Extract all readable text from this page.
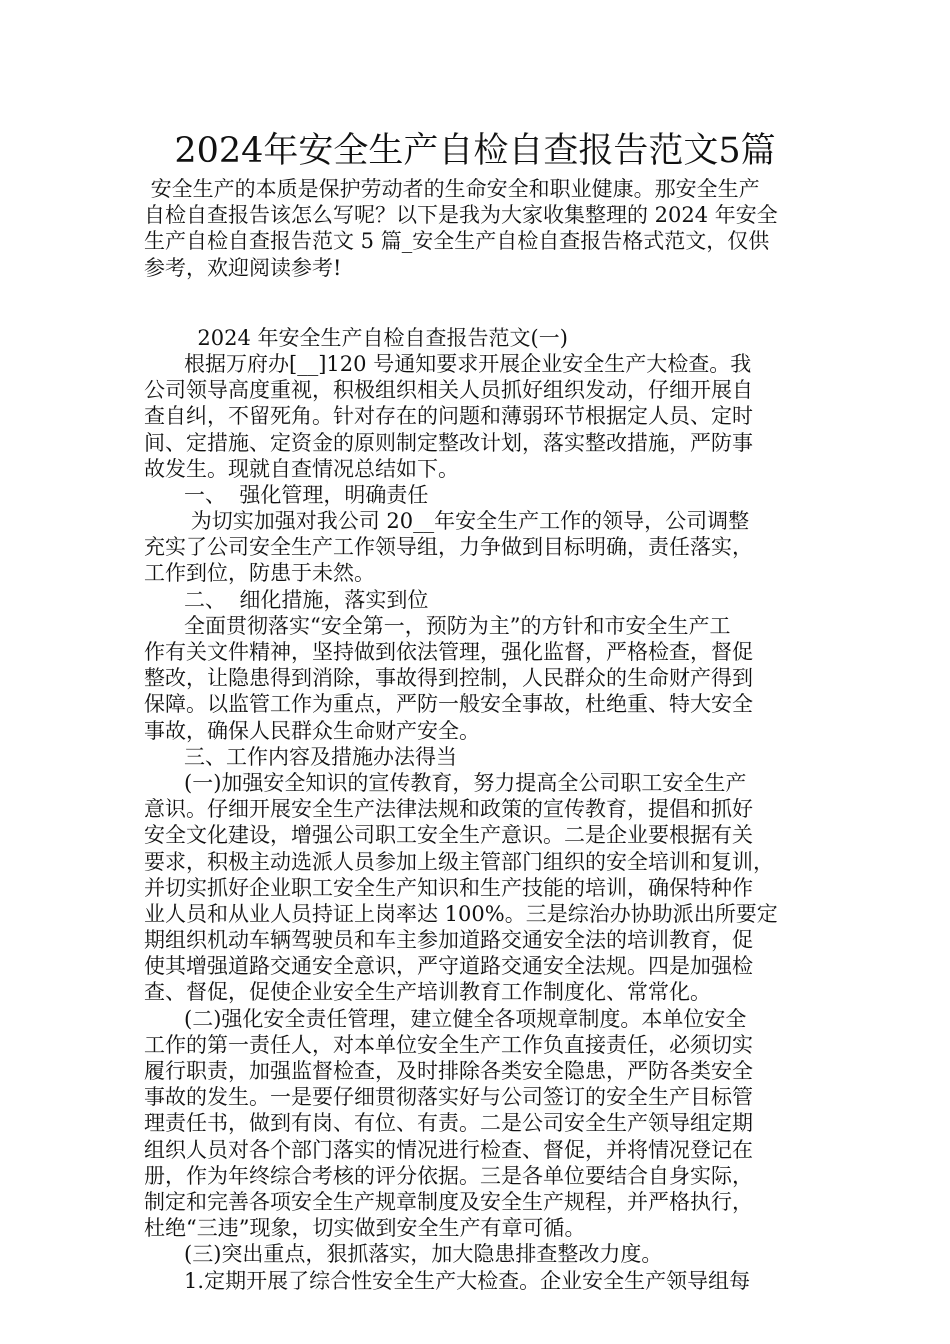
2024年安全生产自检自查报告范文5篇
安全生产的本质是保护劳动者的生命安全和职业健康。那安全生产
自检自查报告该怎么写呢？以下是我为大家收集整理的 2024 年安全
生产自检自查报告范文 5 篇_安全生产自检自查报告格式范文，仅供
参考，欢迎阅读参考!
2024 年安全生产自检自查报告范文(一)
根据万府办[__]120 号通知要求开展企业安全生产大检查。我
公司领导高度重视，积极组织相关人员抓好组织发动，仔细开展自
查自纠，不留死角。针对存在的问题和薄弱环节根据定人员、定时
间、定措施、定资金的原则制定整改计划，落实整改措施，严防事
故发生。现就自查情况总结如下。
一、  强化管理，明确责任
为切实加强对我公司 20__年安全生产工作的领导，公司调整
充实了公司安全生产工作领导组，力争做到目标明确，责任落实，
工作到位，防患于未然。
二、  细化措施，落实到位
全面贯彻落实“安全第一，预防为主”的方针和市安全生产工
作有关文件精神，坚持做到依法管理，强化监督，严格检查，督促
整改，让隐患得到消除，事故得到控制，人民群众的生命财产得到
保障。以监管工作为重点，严防一般安全事故，杜绝重、特大安全
事故，确保人民群众生命财产安全。
三、工作内容及措施办法得当
(一)加强安全知识的宣传教育，努力提高全公司职工安全生产
意识。仔细开展安全生产法律法规和政策的宣传教育，提倡和抓好
安全文化建设，增强公司职工安全生产意识。二是企业要根据有关
要求，积极主动选派人员参加上级主管部门组织的安全培训和复训，
并切实抓好企业职工安全生产知识和生产技能的培训，确保特种作
业人员和从业人员持证上岗率达 100%。三是综治办协助派出所要定
期组织机动车辆驾驶员和车主参加道路交通安全法的培训教育，促
使其增强道路交通安全意识，严守道路交通安全法规。四是加强检
查、督促，促使企业安全生产培训教育工作制度化、常常化。
(二)强化安全责任管理，建立健全各项规章制度。本单位安全
工作的第一责任人，对本单位安全生产工作负直接责任，必须切实
履行职责，加强监督检查，及时排除各类安全隐患，严防各类安全
事故的发生。一是要仔细贯彻落实好与公司签订的安全生产目标管
理责任书，做到有岗、有位、有责。二是公司安全生产领导组定期
组织人员对各个部门落实的情况进行检查、督促，并将情况登记在
册，作为年终综合考核的评分依据。三是各单位要结合自身实际，
制定和完善各项安全生产规章制度及安全生产规程，并严格执行，
杜绝“三违”现象，切实做到安全生产有章可循。
(三)突出重点，狠抓落实，加大隐患排查整改力度。
1.定期开展了综合性安全生产大检查。企业安全生产领导组每
